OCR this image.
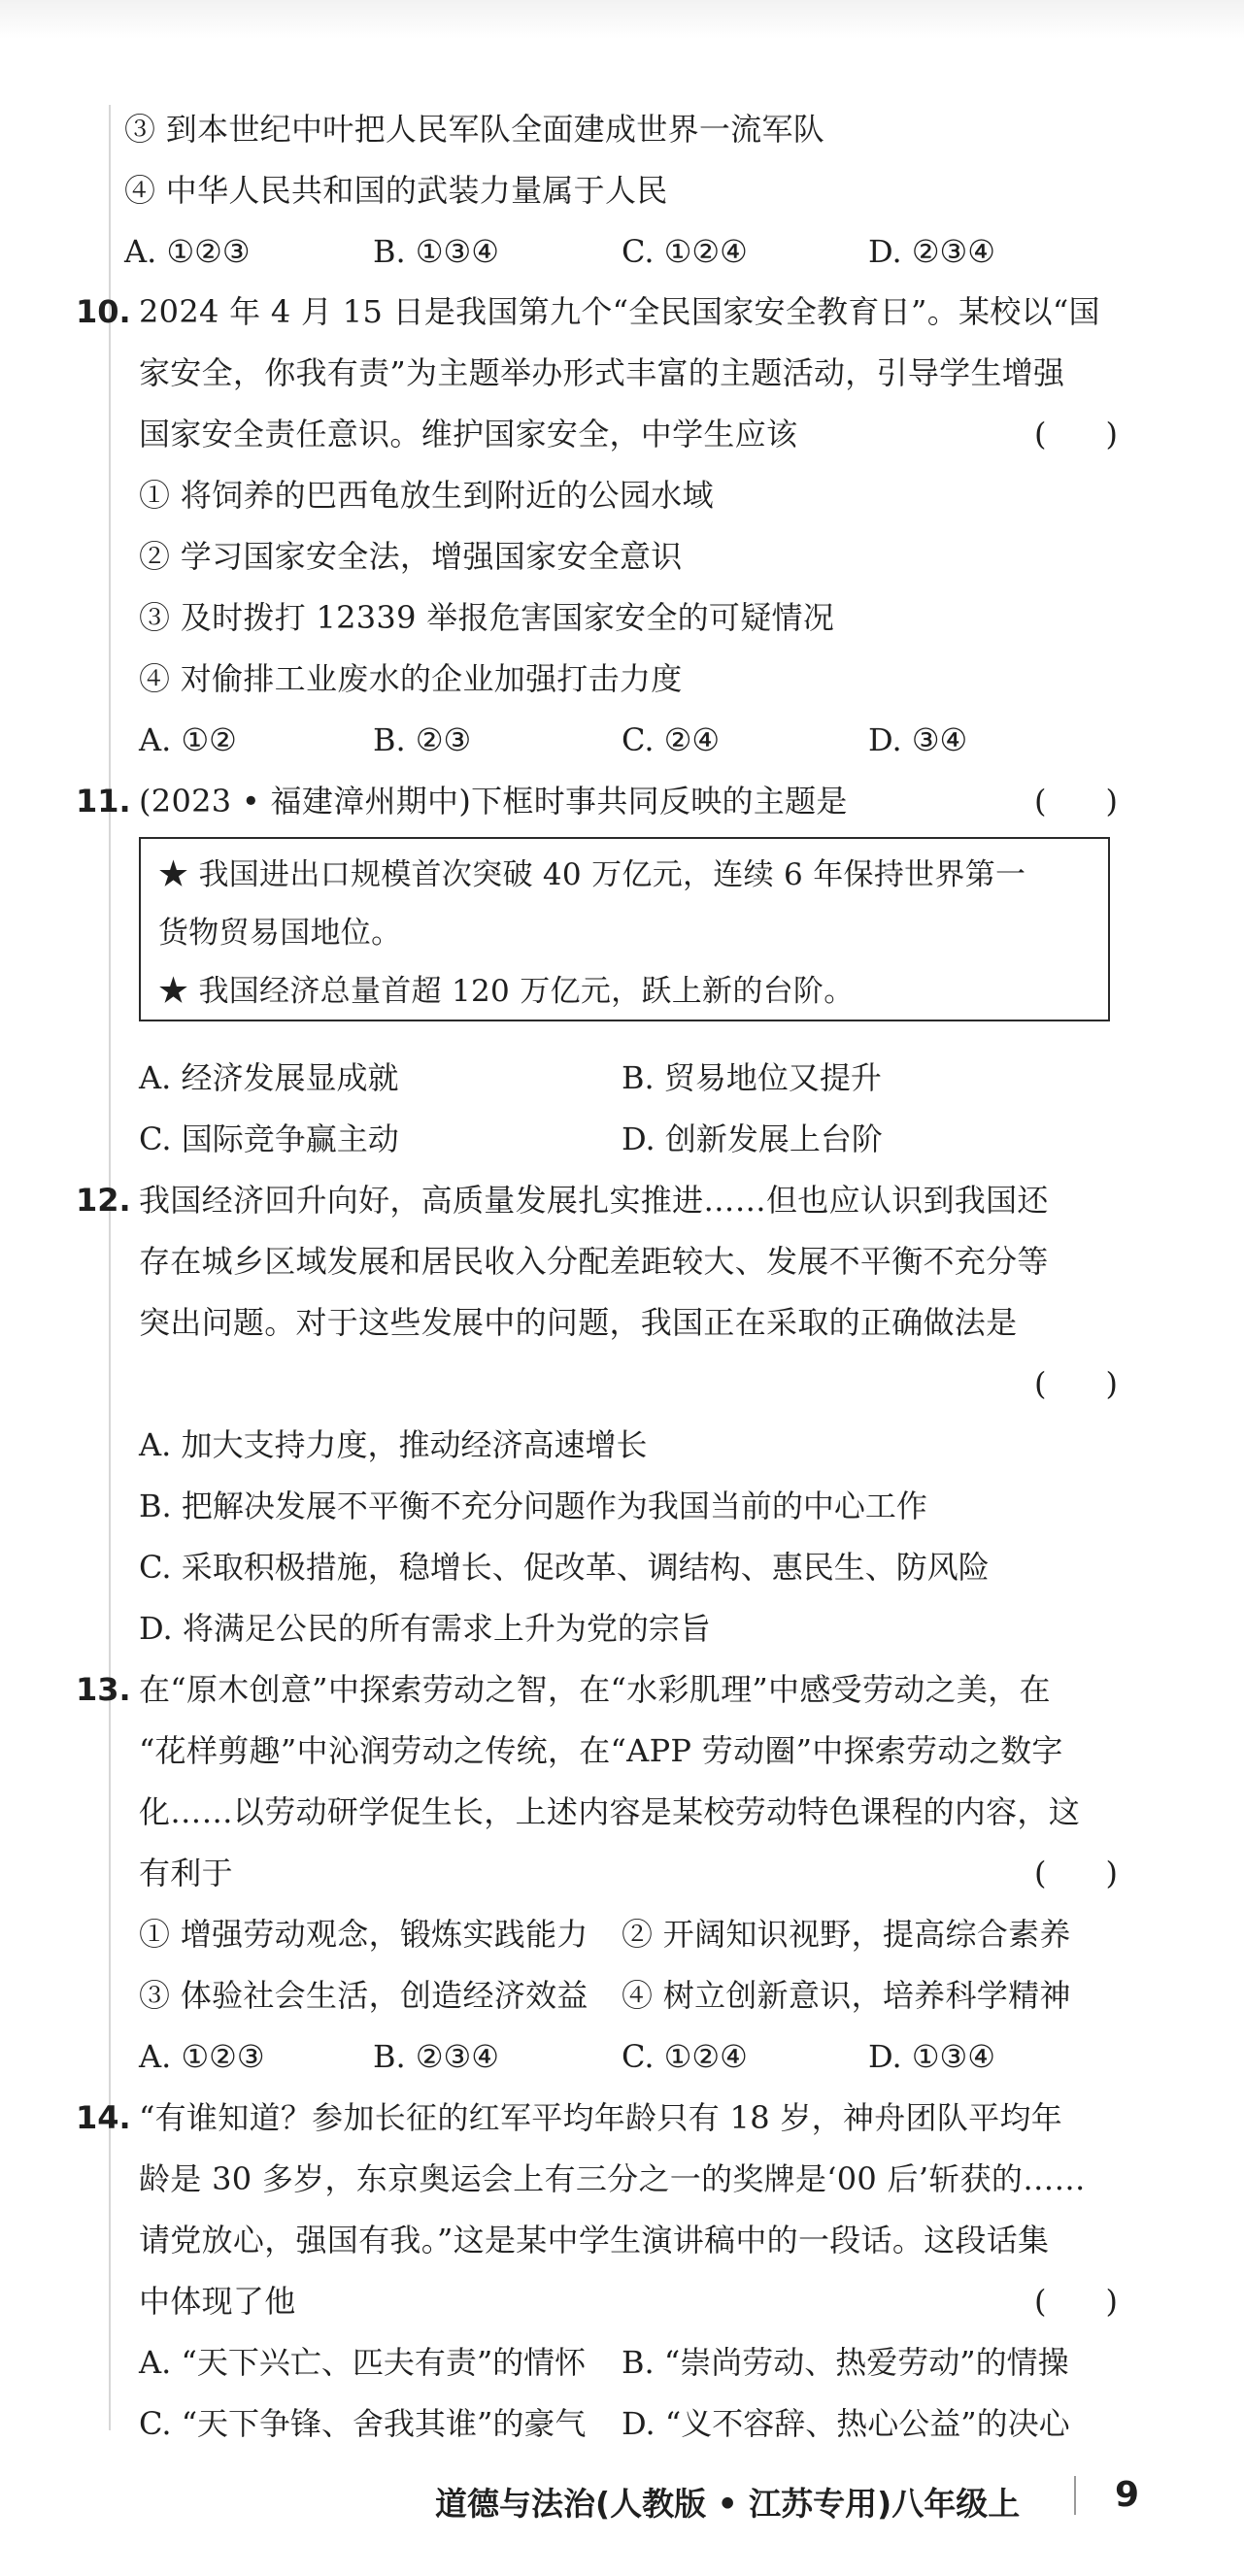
③ 到本世纪中叶把人民军队全面建成世界一流军队
④ 中华人民共和国的武装力量属于人民
A. ①②③	B. ①③④	C. ①②④	D. ②③④
10. 2024 年 4 月 15 日是我国第九个“全民国家安全教育日”。某校以“国
家安全，你我有责”为主题举办形式丰富的主题活动，引导学生增强
国家安全责任意识。维护国家安全，中学生应该	(      )
① 将饲养的巴西龟放生到附近的公园水域
② 学习国家安全法，增强国家安全意识
③ 及时拨打 12339 举报危害国家安全的可疑情况
④ 对偷排工业废水的企业加强打击力度
A. ①②	B. ②③	C. ②④	D. ③④
11. (2023 • 福建漳州期中)下框时事共同反映的主题是	(      )
★ 我国进出口规模首次突破 40 万亿元，连续 6 年保持世界第一
货物贸易国地位。
★ 我国经济总量首超 120 万亿元，跃上新的台阶。
A. 经济发展显成就	B. 贸易地位又提升
C. 国际竞争赢主动	D. 创新发展上台阶
12. 我国经济回升向好，高质量发展扎实推进……但也应认识到我国还
存在城乡区域发展和居民收入分配差距较大、发展不平衡不充分等
突出问题。对于这些发展中的问题，我国正在采取的正确做法是
(      )
A. 加大支持力度，推动经济高速增长
B. 把解决发展不平衡不充分问题作为我国当前的中心工作
C. 采取积极措施，稳增长、促改革、调结构、惠民生、防风险
D. 将满足公民的所有需求上升为党的宗旨
13. 在“原木创意”中探索劳动之智，在“水彩肌理”中感受劳动之美，在
“花样剪趣”中沁润劳动之传统，在“APP 劳动圈”中探索劳动之数字
化……以劳动研学促生长，上述内容是某校劳动特色课程的内容，这
有利于	(      )
① 增强劳动观念，锻炼实践能力 ② 开阔知识视野，提高综合素养
③ 体验社会生活，创造经济效益 ④ 树立创新意识，培养科学精神
A. ①②③	B. ②③④	C. ①②④	D. ①③④
14. “有谁知道？参加长征的红军平均年龄只有 18 岁，神舟团队平均年
龄是 30 多岁，东京奥运会上有三分之一的奖牌是‘00 后’斩获的……
请党放心，强国有我。”这是某中学生演讲稿中的一段话。这段话集
中体现了他	(      )
A. “天下兴亡、匹夫有责”的情怀 B. “崇尚劳动、热爱劳动”的情操
C. “天下争锋、舍我其谁”的豪气 D. “义不容辞、热心公益”的决心
道德与法治(人教版 • 江苏专用)八年级上	9
